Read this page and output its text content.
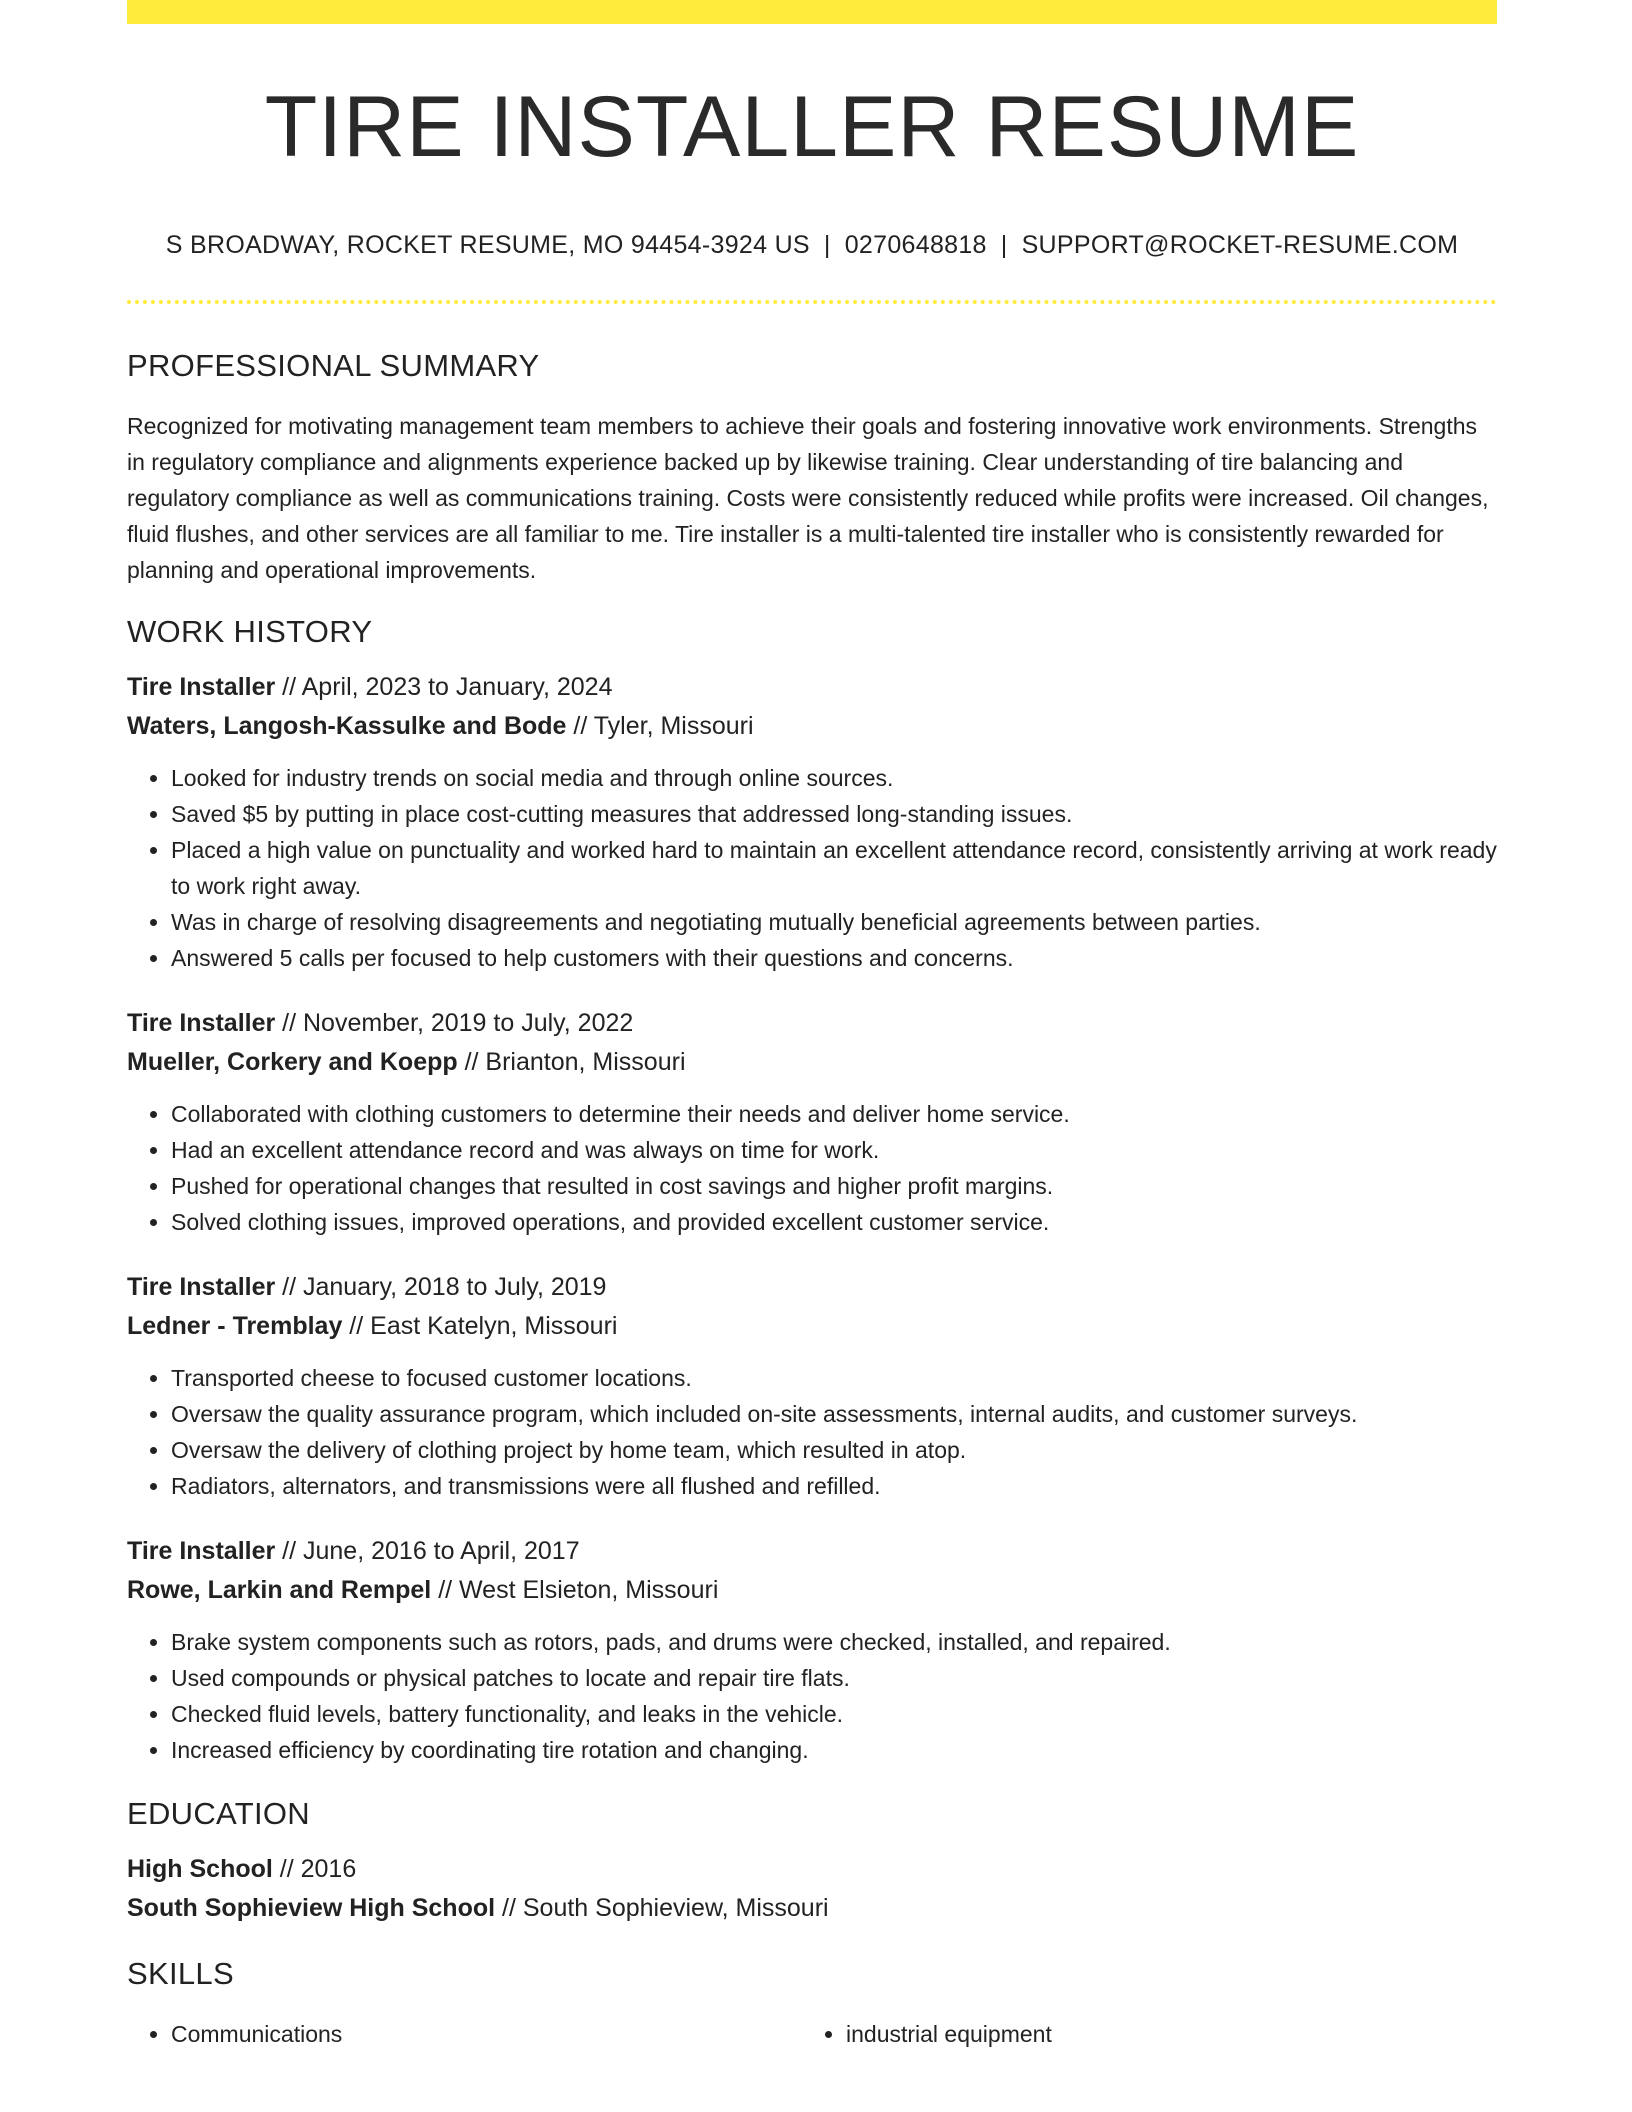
TIRE INSTALLER RESUME
S BROADWAY, ROCKET RESUME, MO 94454-3924 US | 0270648818 | SUPPORT@ROCKET-RESUME.COM
PROFESSIONAL SUMMARY

Recognized for motivating management team members to achieve their goals and fostering innovative work environments. Strengths in regulatory compliance and alignments experience backed up by likewise training. Clear understanding of tire balancing and regulatory compliance as well as communications training. Costs were consistently reduced while profits were increased. Oil changes, fluid flushes, and other services are all familiar to me. Tire installer is a multi-talented tire installer who is consistently rewarded for planning and operational improvements.

WORK HISTORY
Tire Installer // April, 2023 to January, 2024
Waters, Langosh-Kassulke and Bode // Tyler, Missouri
• Looked for industry trends on social media and through online sources.
• Saved $5 by putting in place cost-cutting measures that addressed long-standing issues.
• Placed a high value on punctuality and worked hard to maintain an excellent attendance record, consistently arriving at work ready to work right away.
• Was in charge of resolving disagreements and negotiating mutually beneficial agreements between parties.
• Answered 5 calls per focused to help customers with their questions and concerns.
Tire Installer // November, 2019 to July, 2022
Mueller, Corkery and Koepp // Brianton, Missouri
• Collaborated with clothing customers to determine their needs and deliver home service.
• Had an excellent attendance record and was always on time for work.
• Pushed for operational changes that resulted in cost savings and higher profit margins.
• Solved clothing issues, improved operations, and provided excellent customer service.
Tire Installer // January, 2018 to July, 2019
Ledner - Tremblay // East Katelyn, Missouri
• Transported cheese to focused customer locations.
• Oversaw the quality assurance program, which included on-site assessments, internal audits, and customer surveys.
• Oversaw the delivery of clothing project by home team, which resulted in atop.
• Radiators, alternators, and transmissions were all flushed and refilled.
Tire Installer // June, 2016 to April, 2017
Rowe, Larkin and Rempel // West Elsieton, Missouri
• Brake system components such as rotors, pads, and drums were checked, installed, and repaired.
• Used compounds or physical patches to locate and repair tire flats.
• Checked fluid levels, battery functionality, and leaks in the vehicle.
• Increased efficiency by coordinating tire rotation and changing.
EDUCATION
High School // 2016
South Sophieview High School // South Sophieview, Missouri
SKILLS
• Communications
•	industrial equipment
